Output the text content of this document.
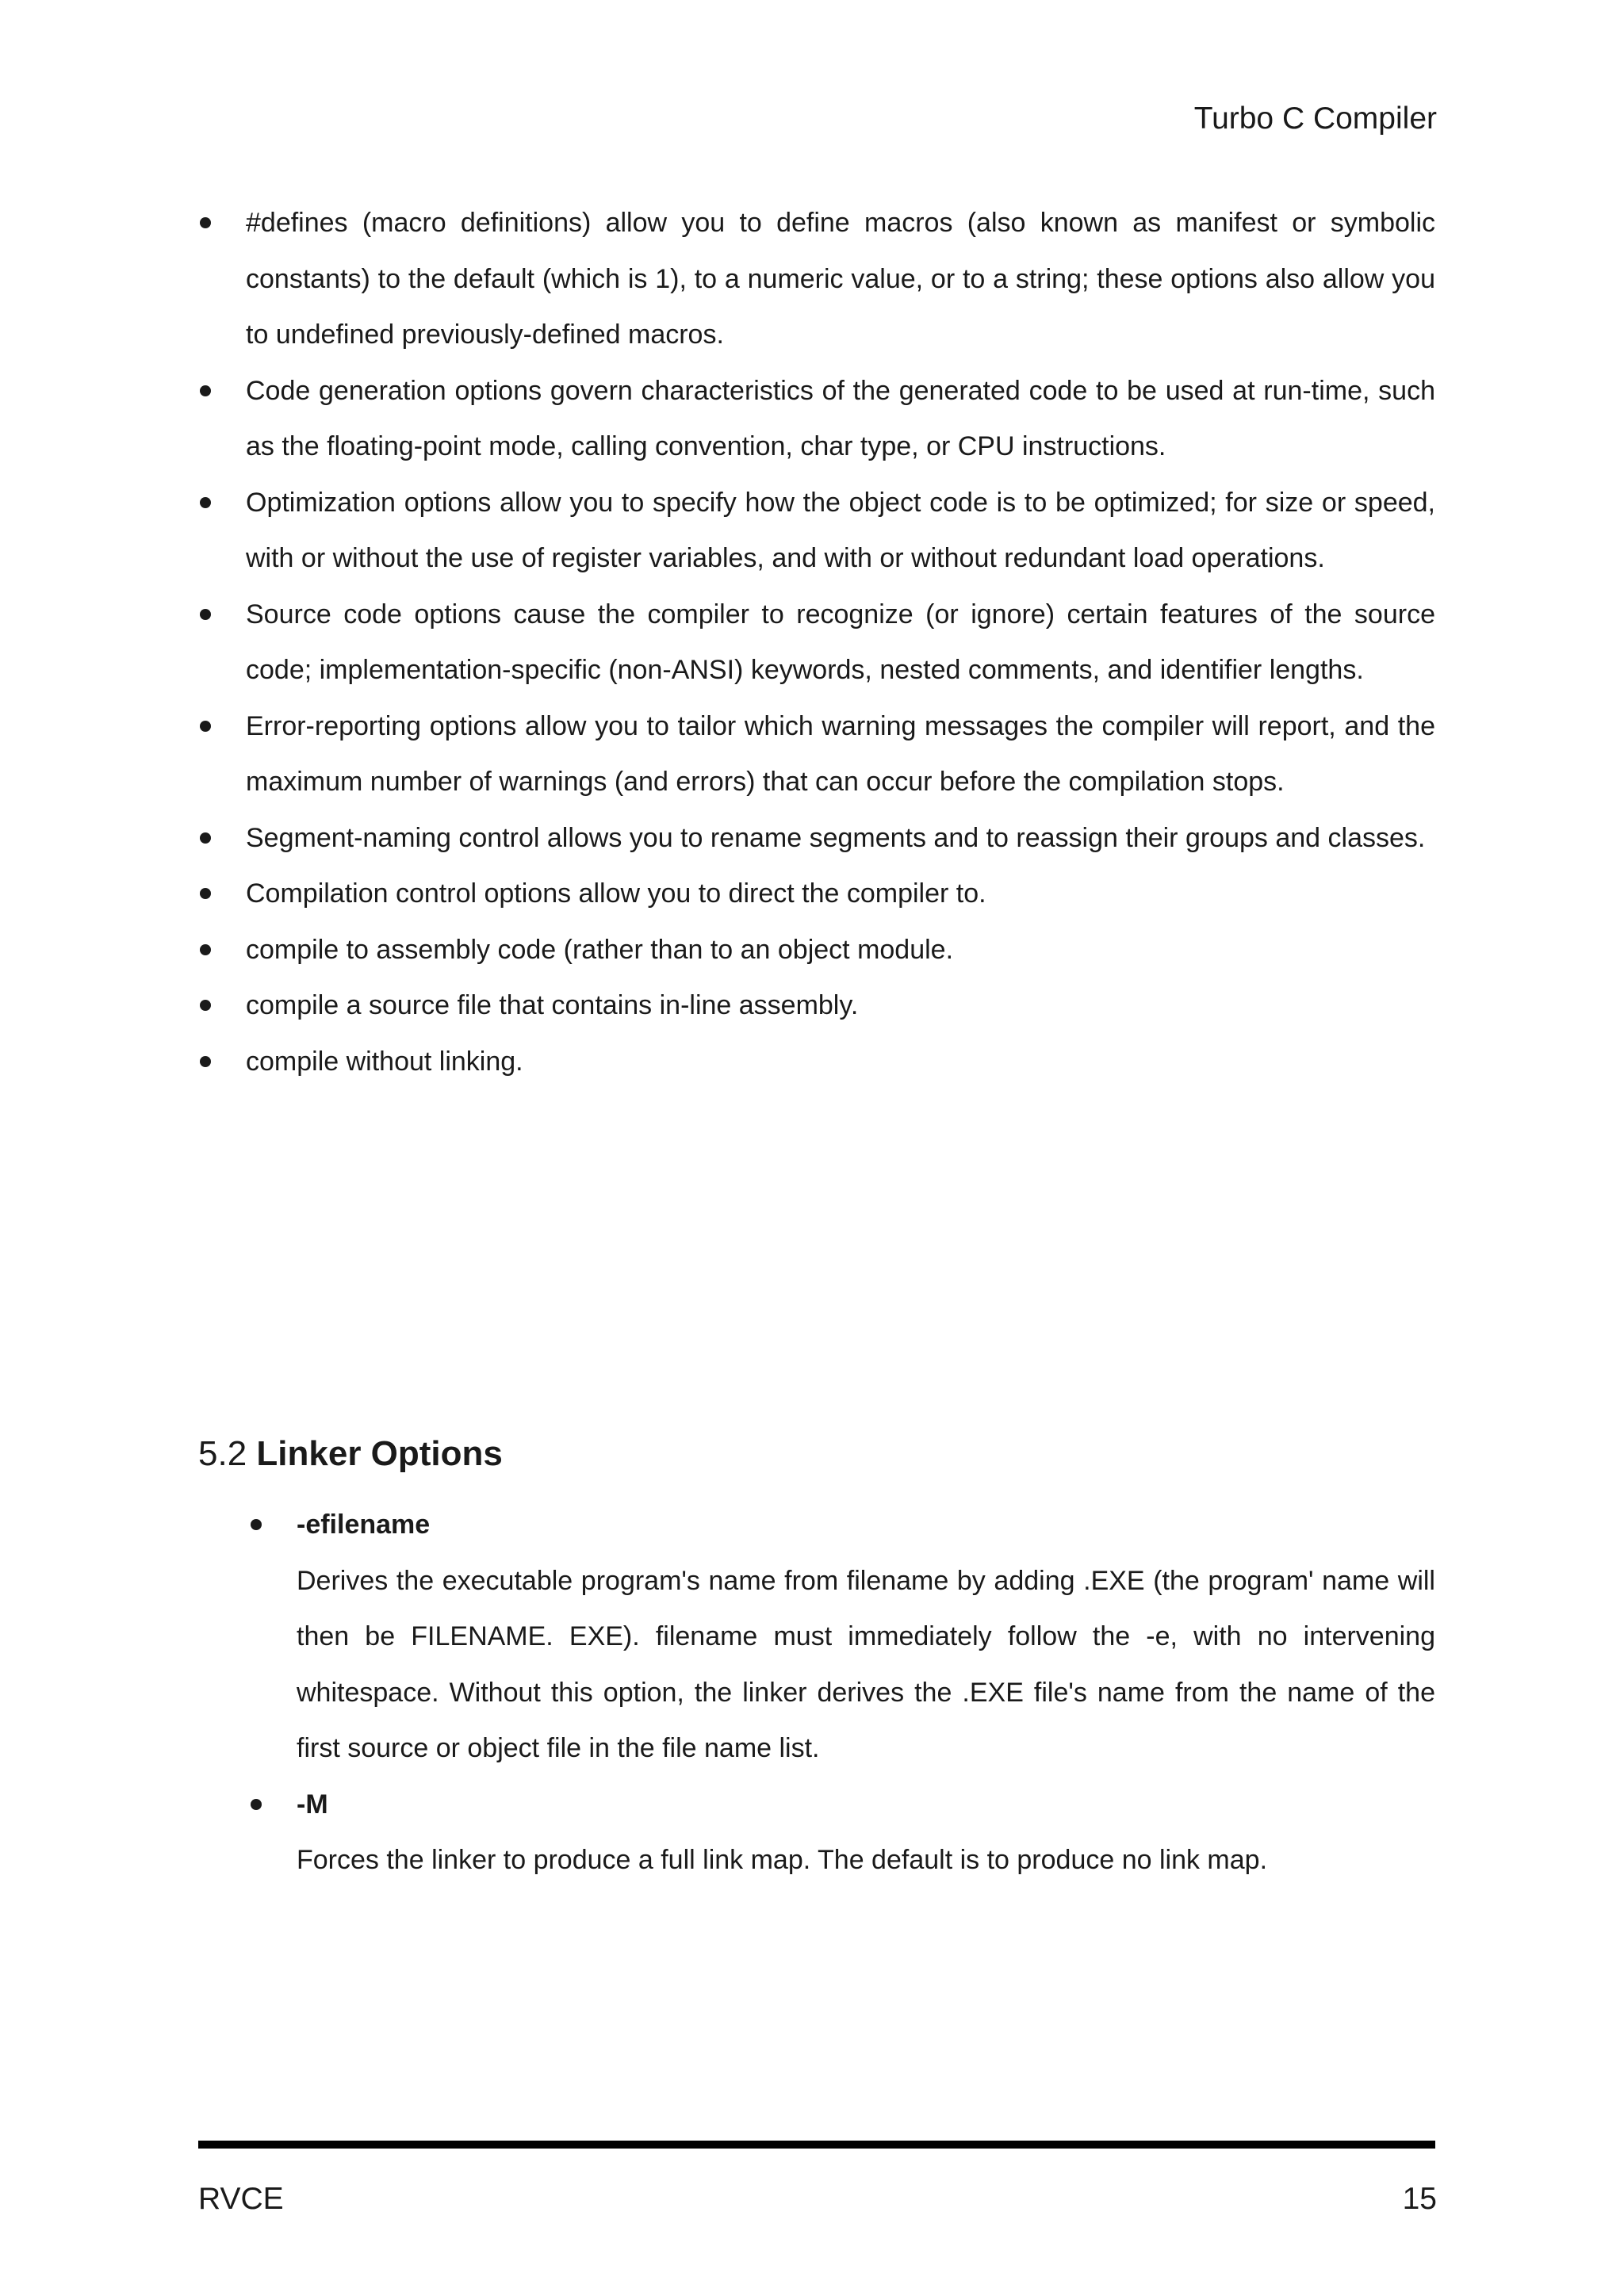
Turbo C Compiler
#defines (macro definitions) allow you to define macros (also known as manifest or symbolic constants) to the default (which is 1), to a numeric value, or to a string; these options also allow you to undefined previously-defined macros.
Code generation options govern characteristics of the generated code to be used at run-time, such as the floating-point mode, calling convention, char type, or CPU instructions.
Optimization options allow you to specify how the object code is to be optimized; for size or speed, with or without the use of register variables, and with or without redundant load operations.
Source code options cause the compiler to recognize (or ignore) certain features of the source code; implementation-specific (non-ANSI) keywords, nested comments, and identifier lengths.
Error-reporting options allow you to tailor which warning messages the compiler will report, and the maximum number of warnings (and errors) that can occur before the compilation stops.
Segment-naming control allows you to rename segments and to reassign their groups and classes.
Compilation control options allow you to direct the compiler to.
compile to assembly code (rather than to an object module.
compile a source file that contains in-line assembly.
compile without linking.
5.2 Linker Options
-efilename
Derives the executable program's name from filename by adding .EXE (the program' name will then be FILENAME. EXE). filename must immediately follow the -e, with no intervening whitespace. Without this option, the linker derives the .EXE file's name from the name of the first source or object file in the file name list.
-M
Forces the linker to produce a full link map. The default is to produce no link map.
RVCE	15
